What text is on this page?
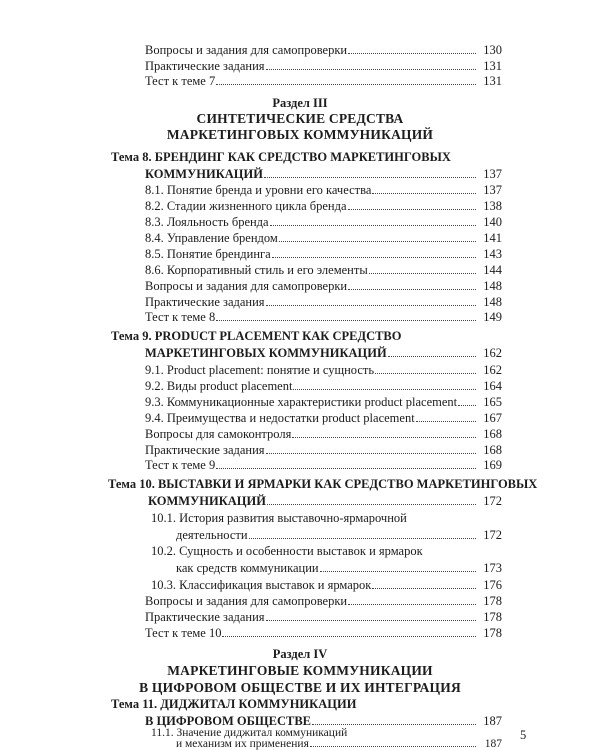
Вопросы и задания для самопроверки	130
Практические задания	131
Тест к теме 7	131
Раздел III
СИНТЕТИЧЕСКИЕ СРЕДСТВА
МАРКЕТИНГОВЫХ КОММУНИКАЦИЙ
Тема 8. БРЕНДИНГ КАК СРЕДСТВО МАРКЕТИНГОВЫХ
КОММУНИКАЦИЙ	137
8.1. Понятие бренда и уровни его качества	137
8.2. Стадии жизненного цикла бренда	138
8.3. Лояльность бренда	140
8.4. Управление брендом	141
8.5. Понятие брендинга	143
8.6. Корпоративный стиль и его элементы	144
Вопросы и задания для самопроверки	148
Практические задания	148
Тест к теме 8	149
Тема 9. PRODUCT PLACEMENT КАК СРЕДСТВО
МАРКЕТИНГОВЫХ КОММУНИКАЦИЙ	162
9.1. Product placement: понятие и сущность	162
9.2. Виды product placement	164
9.3. Коммуникационные характеристики product placement	165
9.4. Преимущества и недостатки product placement	167
Вопросы для самоконтроля	168
Практические задания	168
Тест к теме 9	169
Тема 10. ВЫСТАВКИ И ЯРМАРКИ КАК СРЕДСТВО МАРКЕТИНГОВЫХ
КОММУНИКАЦИЙ	172
10.1. История развития выставочно-ярмарочной
деятельности	172
10.2. Сущность и особенности выставок и ярмарок
как средств коммуникации	173
10.3. Классификация выставок и ярмарок	176
Вопросы и задания для самопроверки	178
Практические задания	178
Тест к теме 10	178
Раздел IV
МАРКЕТИНГОВЫЕ КОММУНИКАЦИИ
В ЦИФРОВОМ ОБЩЕСТВЕ И ИХ ИНТЕГРАЦИЯ
Тема 11. ДИДЖИТАЛ КОММУНИКАЦИИ
В ЦИФРОВОМ ОБЩЕСТВЕ	187
11.1. Значение диджитал коммуникаций
и механизм их применения	187
5
